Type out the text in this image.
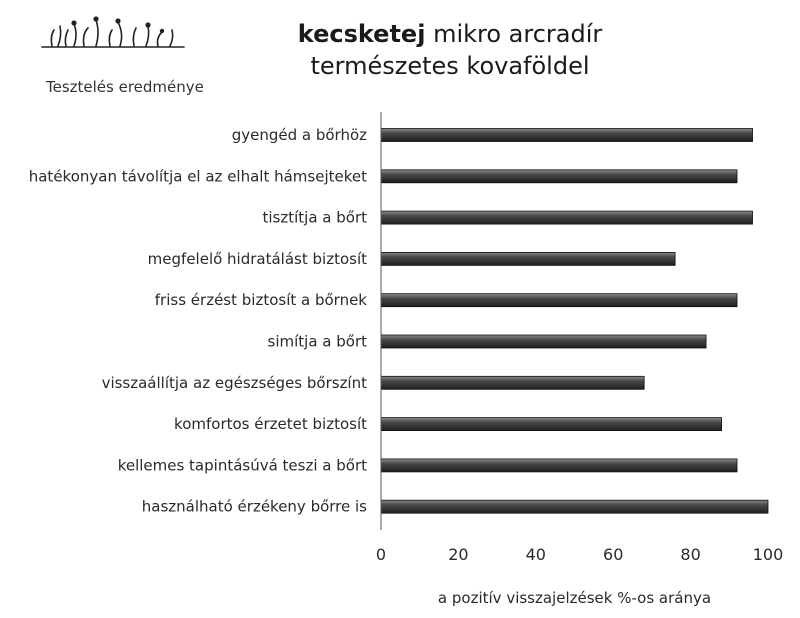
Tesztelés eredménye
kecsketej mikro arcradír
természetes kovaföldel
gyengéd a bőrhöz
hatékonyan távolítja el az elhalt hámsejteket
tisztítja a bőrt
megfelelő hidratálást biztosít
friss érzést biztosít a bőrnek
simítja a bőrt
visszaállítja az egészséges bőrszínt
komfortos érzetet biztosít
kellemes tapintásúvá teszi a bőrt
használható érzékeny bőrre is
0	20	40	60	80	100
a pozitív visszajelzések %-os aránya
